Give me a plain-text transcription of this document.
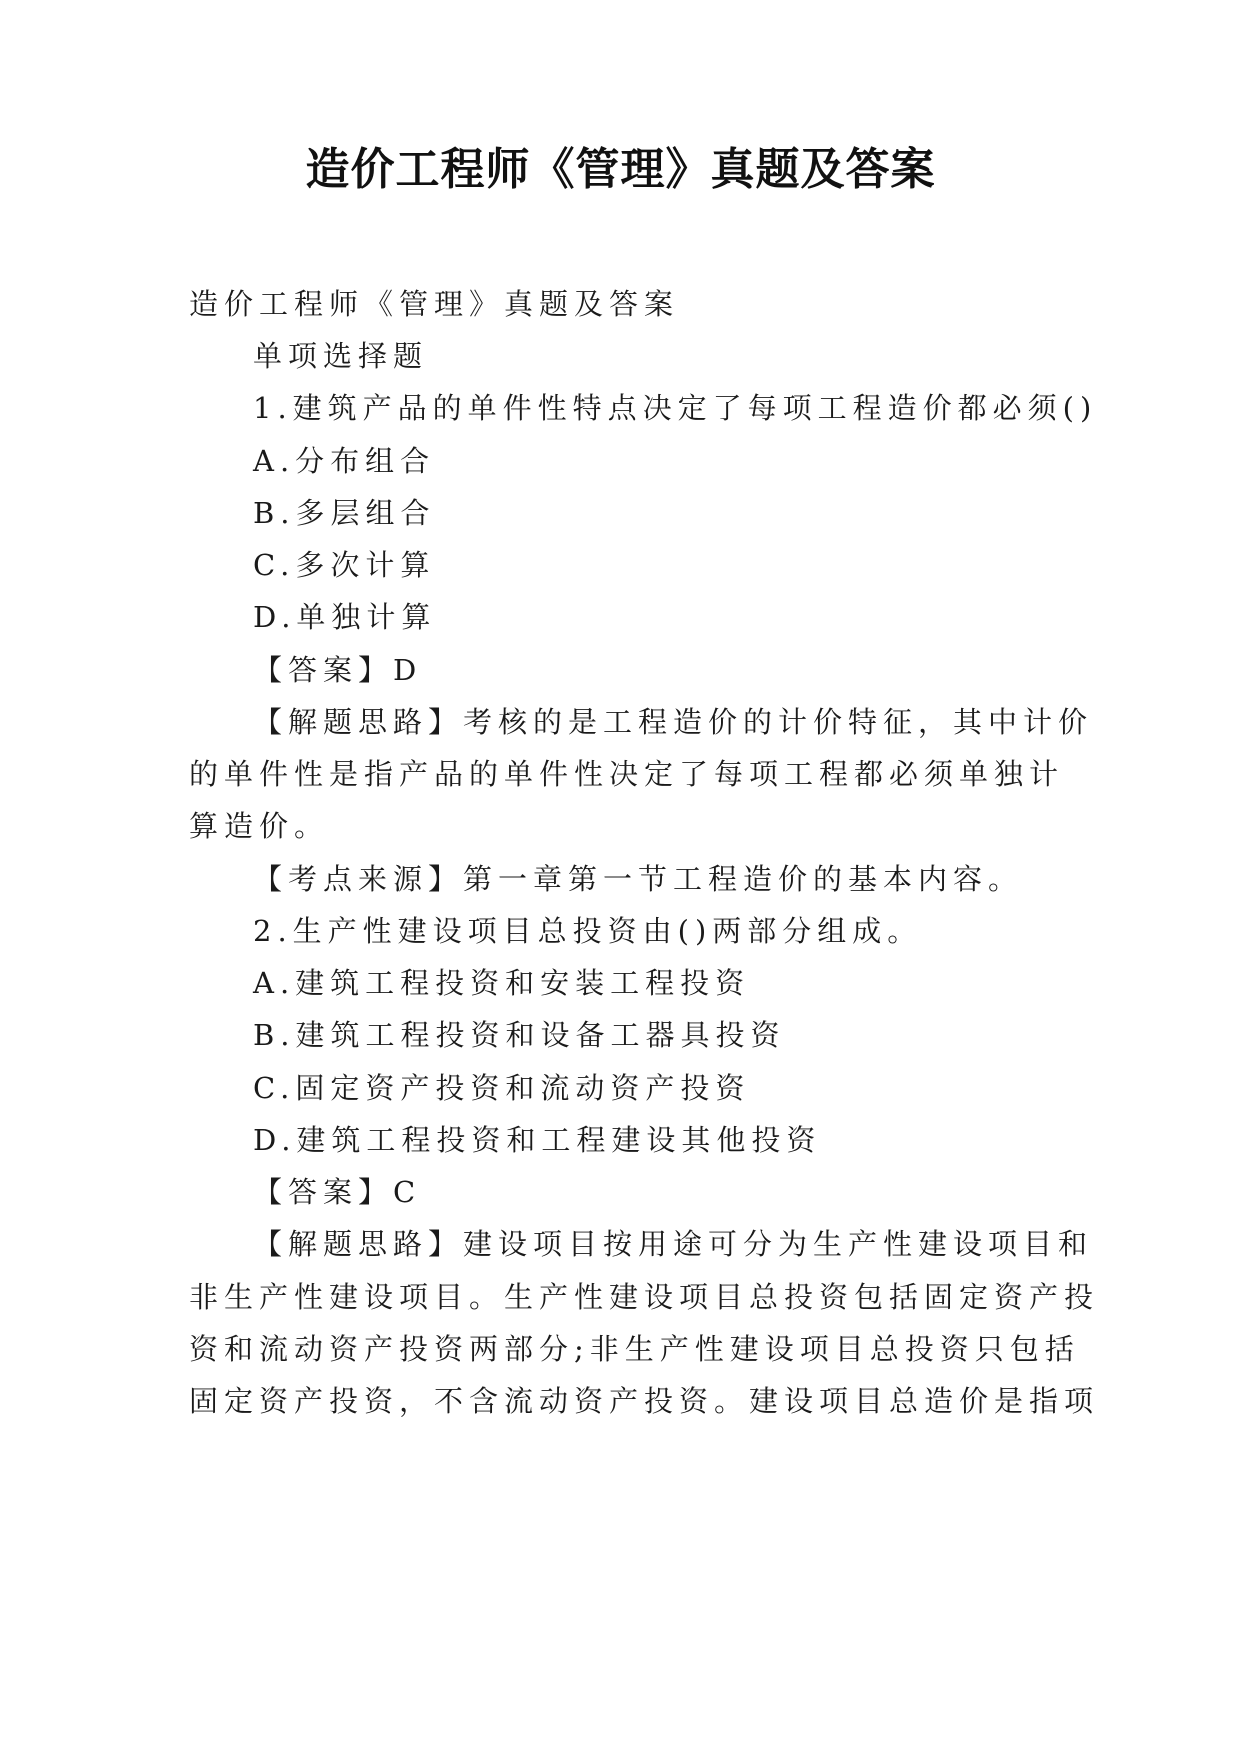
造价工程师《管理》真题及答案
造价工程师《管理》真题及答案
单项选择题
1.建筑产品的单件性特点决定了每项工程造价都必须()
A.分布组合
B.多层组合
C.多次计算
D.单独计算
【答案】D
【解题思路】考核的是工程造价的计价特征，其中计价
的单件性是指产品的单件性决定了每项工程都必须单独计
算造价。
【考点来源】第一章第一节工程造价的基本内容。
2.生产性建设项目总投资由()两部分组成。
A.建筑工程投资和安装工程投资
B.建筑工程投资和设备工器具投资
C.固定资产投资和流动资产投资
D.建筑工程投资和工程建设其他投资
【答案】C
【解题思路】建设项目按用途可分为生产性建设项目和
非生产性建设项目。生产性建设项目总投资包括固定资产投
资和流动资产投资两部分;非生产性建设项目总投资只包括
固定资产投资，不含流动资产投资。建设项目总造价是指项
